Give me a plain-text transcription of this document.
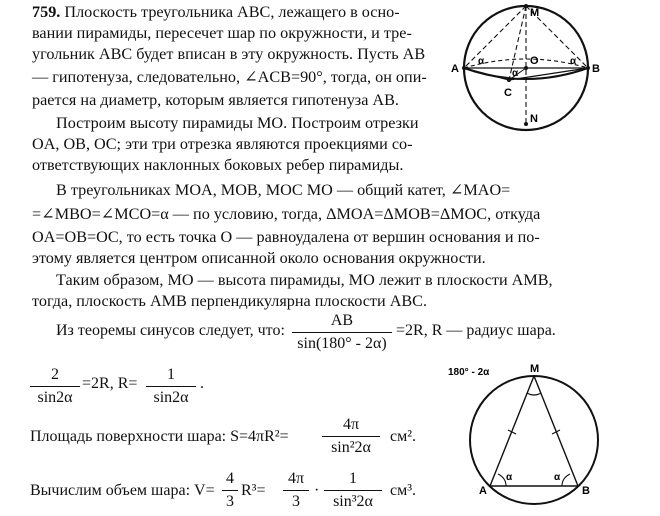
759. Плоскость треугольника ABC, лежащего в осно-
вании пирамиды, пересечет шар по окружности, и тре-
угольник ABC будет вписан в эту окружность. Пусть AB
— гипотенуза, следовательно, ∠ACB=90°, тогда, он опи-
рается на диаметр, которым является гипотенуза AB.
Построим высоту пирамиды MO. Построим отрезки
OA, OB, OC; эти три отрезка являются проекциями со-
ответствующих наклонных боковых ребер пирамиды.
В треугольниках MOA, MOB, MOC MO — общий катет, ∠MAO=
=∠MBO=∠MCO=α — по условию, тогда, ΔMOA=ΔMOB=ΔMOC, откуда
OA=OB=OC, то есть точка O — равноудалена от вершин основания и по-
этому является центром описанной около основания окружности.
Таким образом, MO — высота пирамиды, MO лежит в плоскости AMB,
тогда, плоскость AMB перпендикулярна плоскости ABC.
Из теоремы синусов следует, что:
AB
sin(180° - 2α)
=2R, R — радиус шара.
2
sin2α
=2R, R=
1
sin2α
.
Площадь поверхности шара: S=4πR²=
4π
sin²2α
см².
Вычислим объем шара: V=
4
3
R³=
4π
3
·
1
sin³2α
см³.
M
A	B
O
C
N
α	α
α
180° - 2α	M
A	B
α	α
